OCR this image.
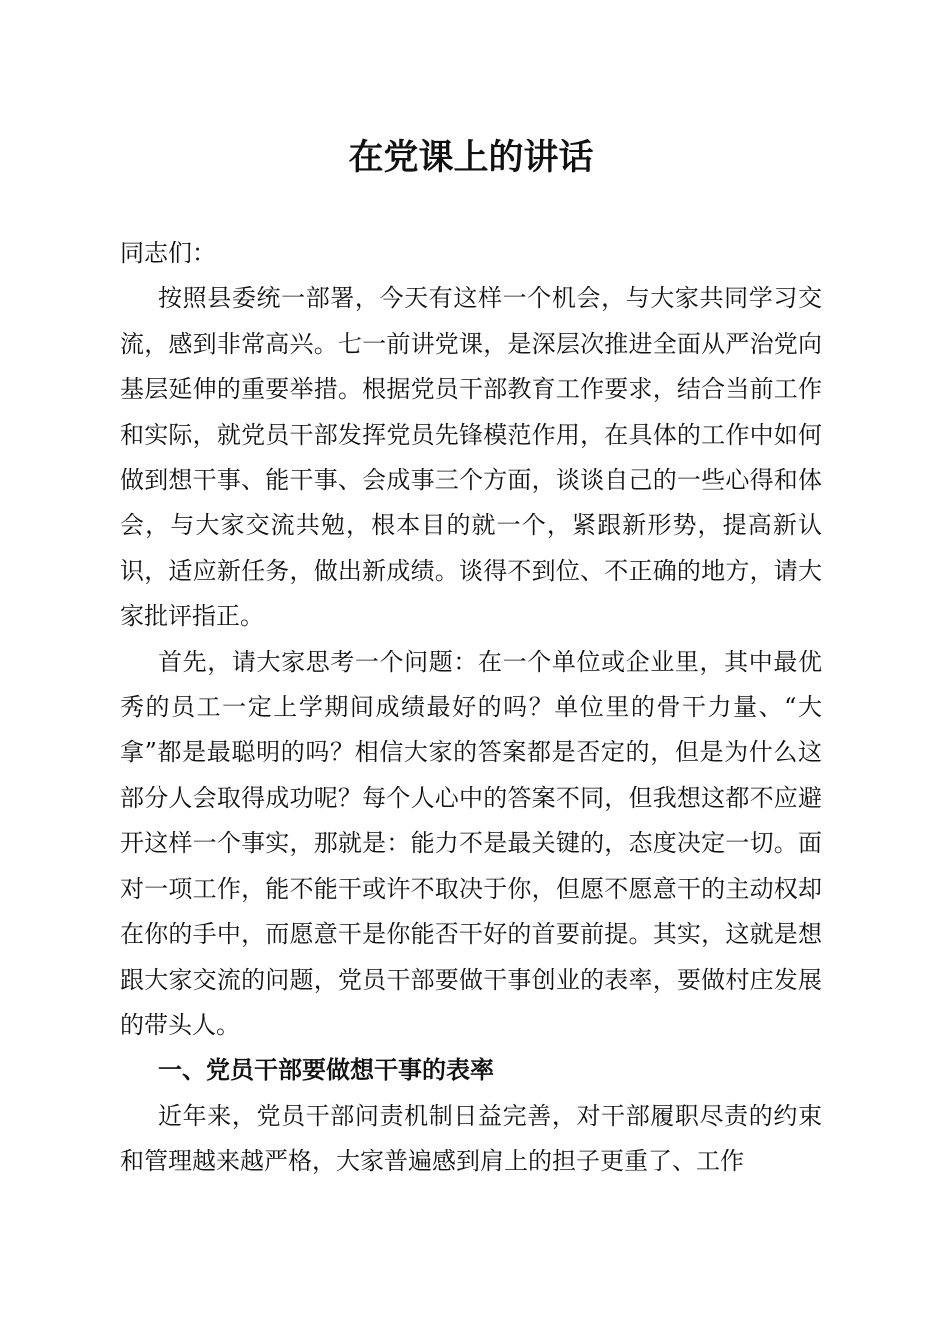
在党课上的讲话

同志们：

按照县委统一部署，今天有这样一个机会，与大家共同学习交流，感到非常高兴。七一前讲党课，是深层次推进全面从严治党向基层延伸的重要举措。根据党员干部教育工作要求，结合当前工作和实际，就党员干部发挥党员先锋模范作用，在具体的工作中如何做到想干事、能干事、会成事三个方面，谈谈自己的一些心得和体会，与大家交流共勉，根本目的就一个，紧跟新形势，提高新认识，适应新任务，做出新成绩。谈得不到位、不正确的地方，请大家批评指正。

首先，请大家思考一个问题：在一个单位或企业里，其中最优秀的员工一定上学期间成绩最好的吗？单位里的骨干力量、“大拿”都是最聪明的吗？相信大家的答案都是否定的，但是为什么这部分人会取得成功呢？每个人心中的答案不同，但我想这都不应避开这样一个事实，那就是：能力不是最关键的，态度决定一切。面对一项工作，能不能干或许不取决于你，但愿不愿意干的主动权却在你的手中，而愿意干是你能否干好的首要前提。其实，这就是想跟大家交流的问题，党员干部要做干事创业的表率，要做村庄发展的带头人。

一、党员干部要做想干事的表率

近年来，党员干部问责机制日益完善，对干部履职尽责的约束和管理越来越严格，大家普遍感到肩上的担子更重了、工作
